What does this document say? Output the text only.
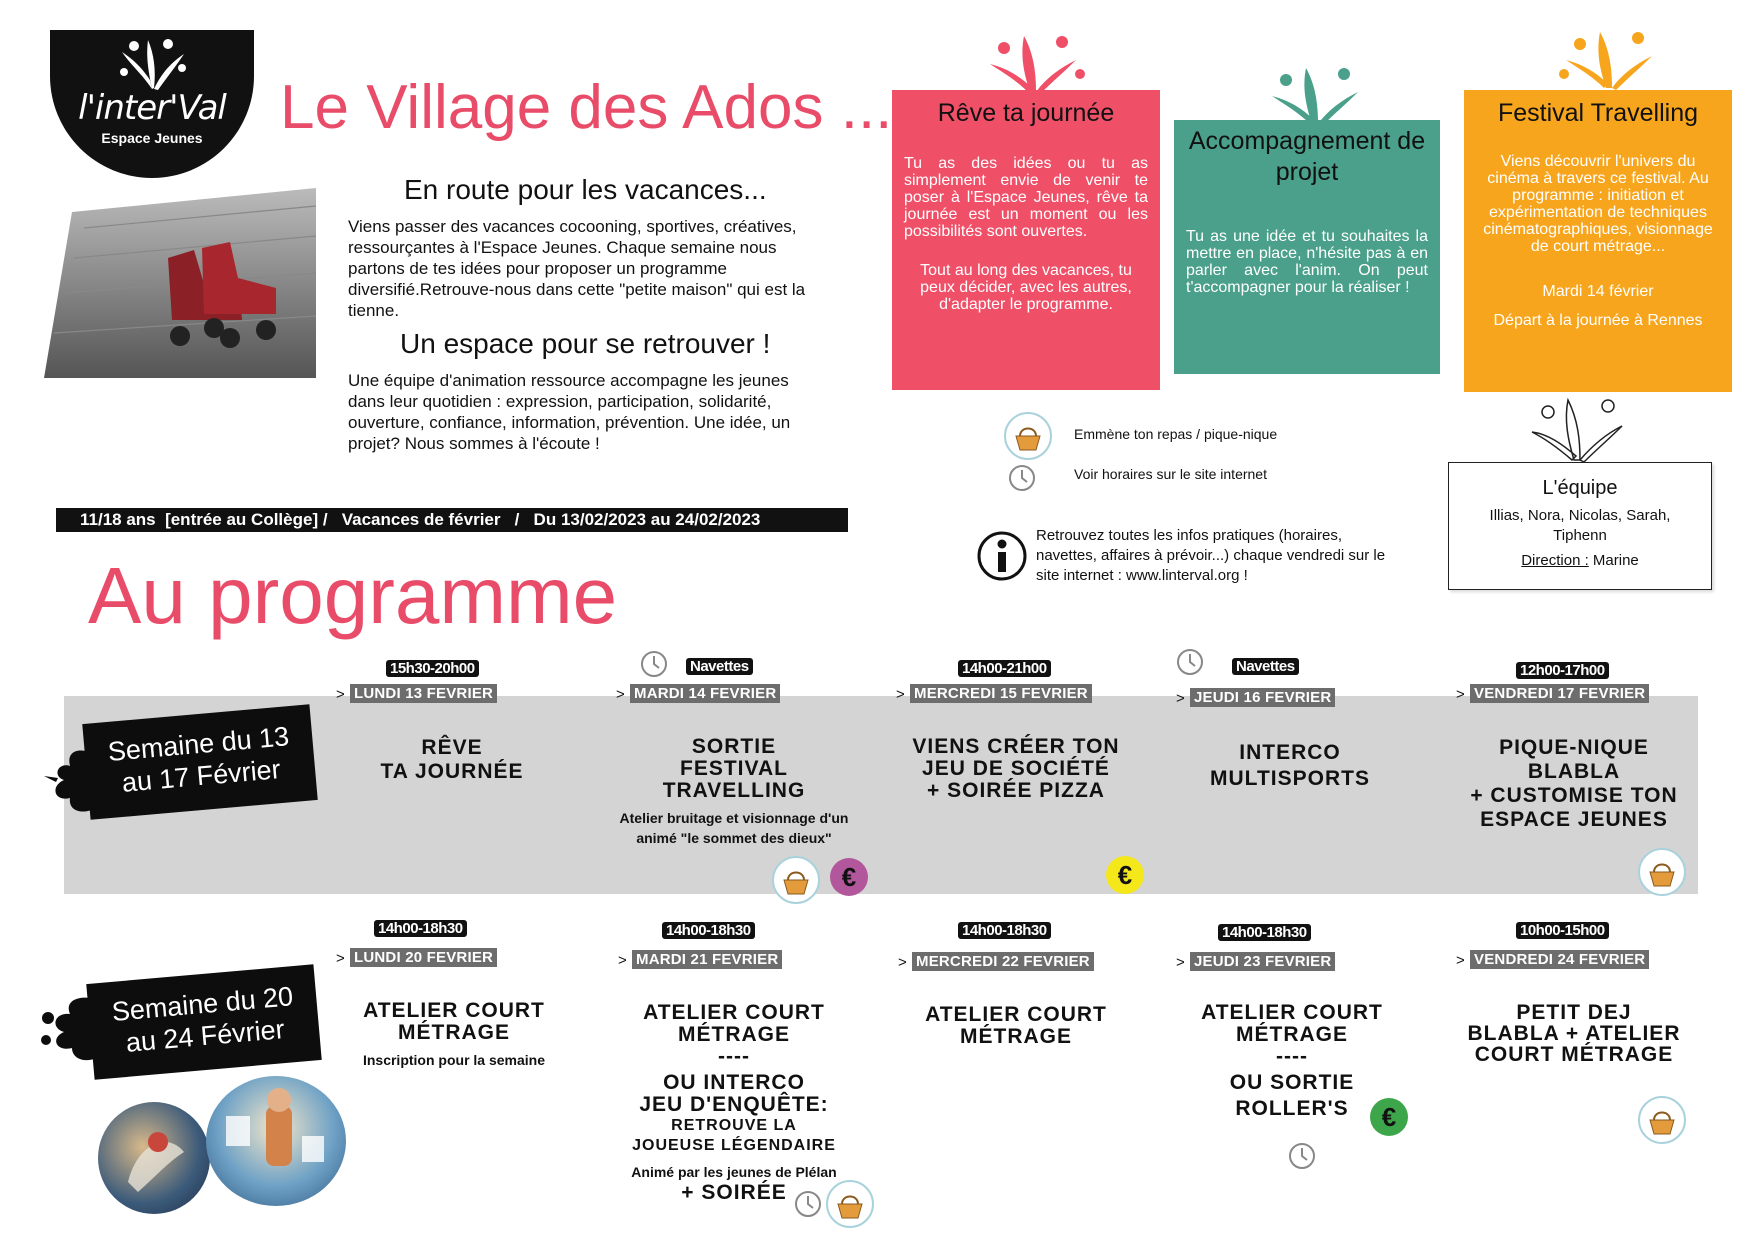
l'inter'Val
Espace Jeunes	Le Village des Ados ...
En route pour les vacances...
Viens passer des vacances cocooning, sportives, créatives, ressourçantes à l'Espace Jeunes. Chaque semaine nous partons de tes idées pour proposer un programme diversifié.Retrouve-nous dans cette "petite maison" qui est la tienne.
Un espace pour se retrouver !
Une équipe d'animation ressource accompagne les jeunes dans leur quotidien : expression, participation, solidarité, ouverture, confiance, information, prévention. Une idée, un projet? Nous sommes à l'écoute !
11/18 ans  [entrée au Collège] /   Vacances de février   /   Du 13/02/2023 au 24/02/2023
Au programme
Rêve ta journée

Tu as des idées ou tu as simplement envie de venir te poser à l'Espace Jeunes, rêve ta journée est un moment ou les possibilités sont ouvertes.

Tout au long des vacances, tu peux décider, avec les autres, d'adapter le programme.

Accompagnement de projet

Tu as une idée et tu souhaites la mettre en place, n'hésite pas à en parler avec l'anim. On peut t'accompagner pour la réaliser !

Festival Travelling

Viens découvrir l'univers du cinéma à travers ce festival. Au programme : initiation et expérimentation de techniques cinématographiques, visionnage de court métrage...

Mardi 14 février

Départ à la journée à Rennes

Emmène ton repas / pique-nique
Voir horaires sur le site internet
Retrouvez toutes les infos pratiques (horaires, navettes, affaires à prévoir...) chaque vendredi sur le site internet : www.linterval.org !
L'équipe
Illias, Nora, Nicolas, Sarah, Tiphenn
Direction : Marine
Semaine du 13
au 17 Février
Semaine du 20
au 24 Février
15h30-20h00
> LUNDI 13 FEVRIER
RÊVE
TA JOURNÉE
Navettes
> MARDI 14 FEVRIER
SORTIE
FESTIVAL
TRAVELLING
Atelier bruitage et visionnage d'un animé "le sommet des dieux"
€
14h00-21h00
> MERCREDI 15 FEVRIER
VIENS CRÉER TON
JEU DE SOCIÉTÉ
+ SOIRÉE PIZZA
€
Navettes
> JEUDI 16 FEVRIER
INTERCO
MULTISPORTS
12h00-17h00
> VENDREDI 17 FEVRIER
PIQUE-NIQUE
BLABLA
+ CUSTOMISE TON
ESPACE JEUNES
14h00-18h30
> LUNDI 20 FEVRIER
ATELIER COURT
MÉTRAGE
Inscription pour la semaine
14h00-18h30
> MARDI 21 FEVRIER
ATELIER COURT
MÉTRAGE
----
OU INTERCO
JEU D'ENQUÊTE:
RETROUVE LA
JOUEUSE LÉGENDAIRE
Animé par les jeunes de Plélan
+ SOIRÉE
14h00-18h30
> MERCREDI 22 FEVRIER
ATELIER COURT
MÉTRAGE
14h00-18h30
> JEUDI 23 FEVRIER
ATELIER COURT
MÉTRAGE
----
OU SORTIE
ROLLER'S	€
10h00-15h00
> VENDREDI 24 FEVRIER
PETIT DEJ
BLABLA + ATELIER
COURT MÉTRAGE
